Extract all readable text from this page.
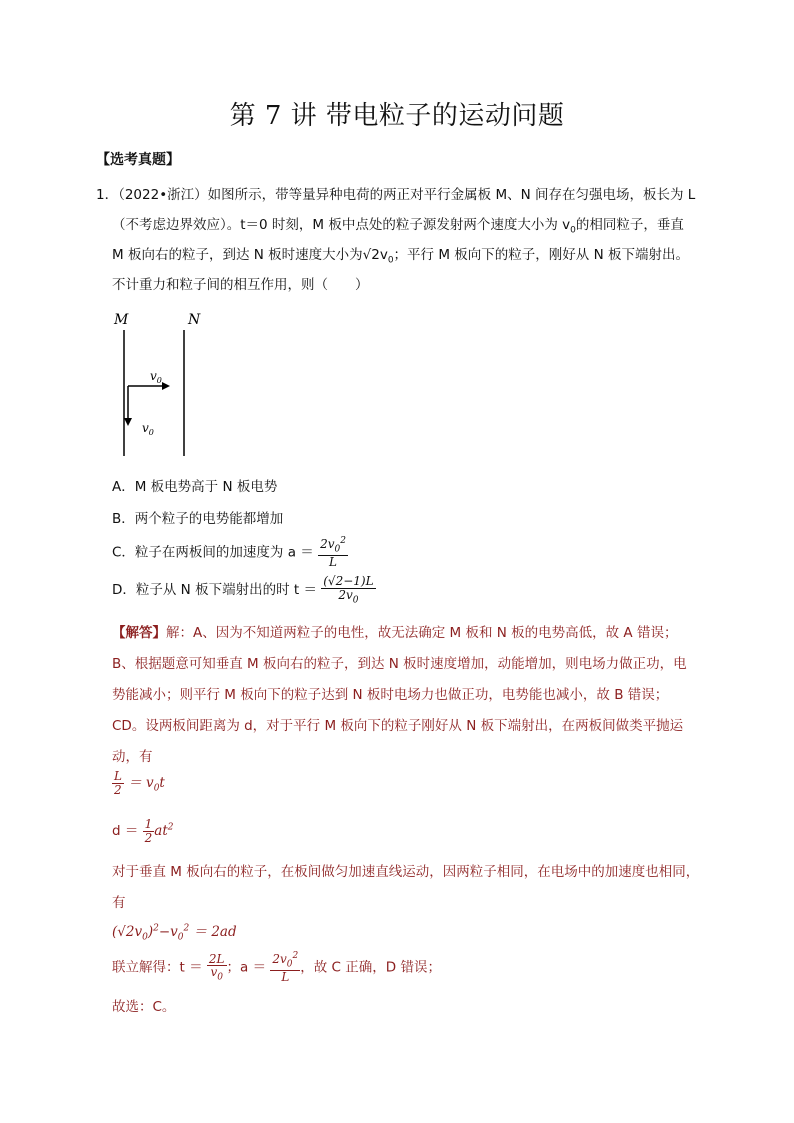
第 7 讲 带电粒子的运动问题
【选考真题】
1．（2022•浙江）如图所示，带等量异种电荷的两正对平行金属板 M、N 间存在匀强电场，板长为 L
（不考虑边界效应）。t＝0 时刻，M 板中点处的粒子源发射两个速度大小为 $v_0$的相同粒子，垂直
M 板向右的粒子，到达 N 板时速度大小为$√2v_0$；平行 M 板向下的粒子，刚好从 N 板下端射出。
不计重力和粒子间的相互作用，则（　　）
M	N
$v_0$
$v_0$
A．M 板电势高于 N 板电势
B．两个粒子的电势能都增加
C．粒子在两板间的加速度为 $a = \frac{2v_0^2}{L}$
D．粒子从 N 板下端射出的时 $t = \frac{(√2-1)L}{2v_0}$
【解答】解：A、因为不知道两粒子的电性，故无法确定 M 板和 N 板的电势高低，故 A 错误；
B、根据题意可知垂直 M 板向右的粒子，到达 N 板时速度增加，动能增加，则电场力做正功，电
势能减小；则平行 M 板向下的粒子达到 N 板时电场力也做正功，电势能也减小，故 B 错误；
CD。设两板间距离为 d，对于平行 M 板向下的粒子刚好从 N 板下端射出，在两板间做类平抛运
动，有
$\frac{L}{2} = v_0t$
$d = \frac{1}{2} at^2$
对于垂直 M 板向右的粒子，在板间做匀加速直线运动，因两粒子相同，在电场中的加速度也相同，
有
$(√2v_0)^2-v_0^2 = 2ad$
联立解得：$t = \frac{2L}{v_0}$ ；$a = \frac{2v_0^2}{L}$ ，故 C 正确，D 错误；
故选：C。
